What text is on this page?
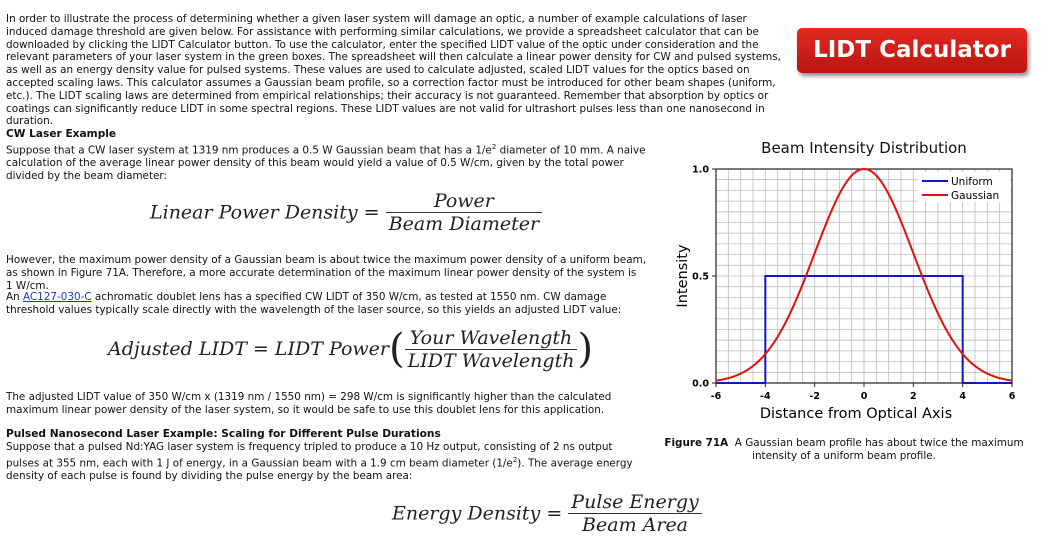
In order to illustrate the process of determining whether a given laser system will damage an optic, a number of example calculations of laser induced damage threshold are given below. For assistance with performing similar calculations, we provide a spreadsheet calculator that can be downloaded by clicking the LIDT Calculator button. To use the calculator, enter the specified LIDT value of the optic under consideration and the relevant parameters of your laser system in the green boxes. The spreadsheet will then calculate a linear power density for CW and pulsed systems, as well as an energy density value for pulsed systems. These values are used to calculate adjusted, scaled LIDT values for the optics based on accepted scaling laws. This calculator assumes a Gaussian beam profile, so a correction factor must be introduced for other beam shapes (uniform, etc.). The LIDT scaling laws are determined from empirical relationships; their accuracy is not guaranteed. Remember that absorption by optics or coatings can significantly reduce LIDT in some spectral regions. These LIDT values are not valid for ultrashort pulses less than one nanosecond in duration.
LIDT Calculator
CW Laser Example
Suppose that a CW laser system at 1319 nm produces a 0.5 W Gaussian beam that has a $1/e^2$ diameter of 10 mm. A naive calculation of the average linear power density of this beam would yield a value of 0.5 W/cm, given by the total power divided by the beam diameter:
Linear Power Density = $\frac{\text{Power}}{\text{Beam Diameter}}$
However, the maximum power density of a Gaussian beam is about twice the maximum power density of a uniform beam, as shown in Figure 71A. Therefore, a more accurate determination of the maximum linear power density of the system is 1 W/cm.
An AC127-030-C achromatic doublet lens has a specified CW LIDT of 350 W/cm, as tested at 1550 nm. CW damage threshold values typically scale directly with the wavelength of the laser source, so this yields an adjusted LIDT value:
Adjusted LIDT = LIDT Power( $\frac{\text{Your Wavelength}}{\text{LIDT Wavelength}}$ )
The adjusted LIDT value of 350 W/cm x (1319 nm / 1550 nm) = 298 W/cm is significantly higher than the calculated maximum linear power density of the laser system, so it would be safe to use this doublet lens for this application.
Pulsed Nanosecond Laser Example: Scaling for Different Pulse Durations
Suppose that a pulsed Nd:YAG laser system is frequency tripled to produce a 10 Hz output, consisting of 2 ns output pulses at 355 nm, each with 1 J of energy, in a Gaussian beam with a 1.9 cm beam diameter $(1/e^2)$. The average energy density of each pulse is found by dividing the pulse energy by the beam area:
Energy Density = $\frac{\text{Pulse Energy}}{\text{Beam Area}}$
Beam Intensity Distribution
-6	-4	-2	0	2	4	6
0.0
0.5
1.0
Distance from Optical Axis
Intensity
Uniform
Gaussian
Figure 71A A Gaussian beam profile has about twice the maximum intensity of a uniform beam profile.
